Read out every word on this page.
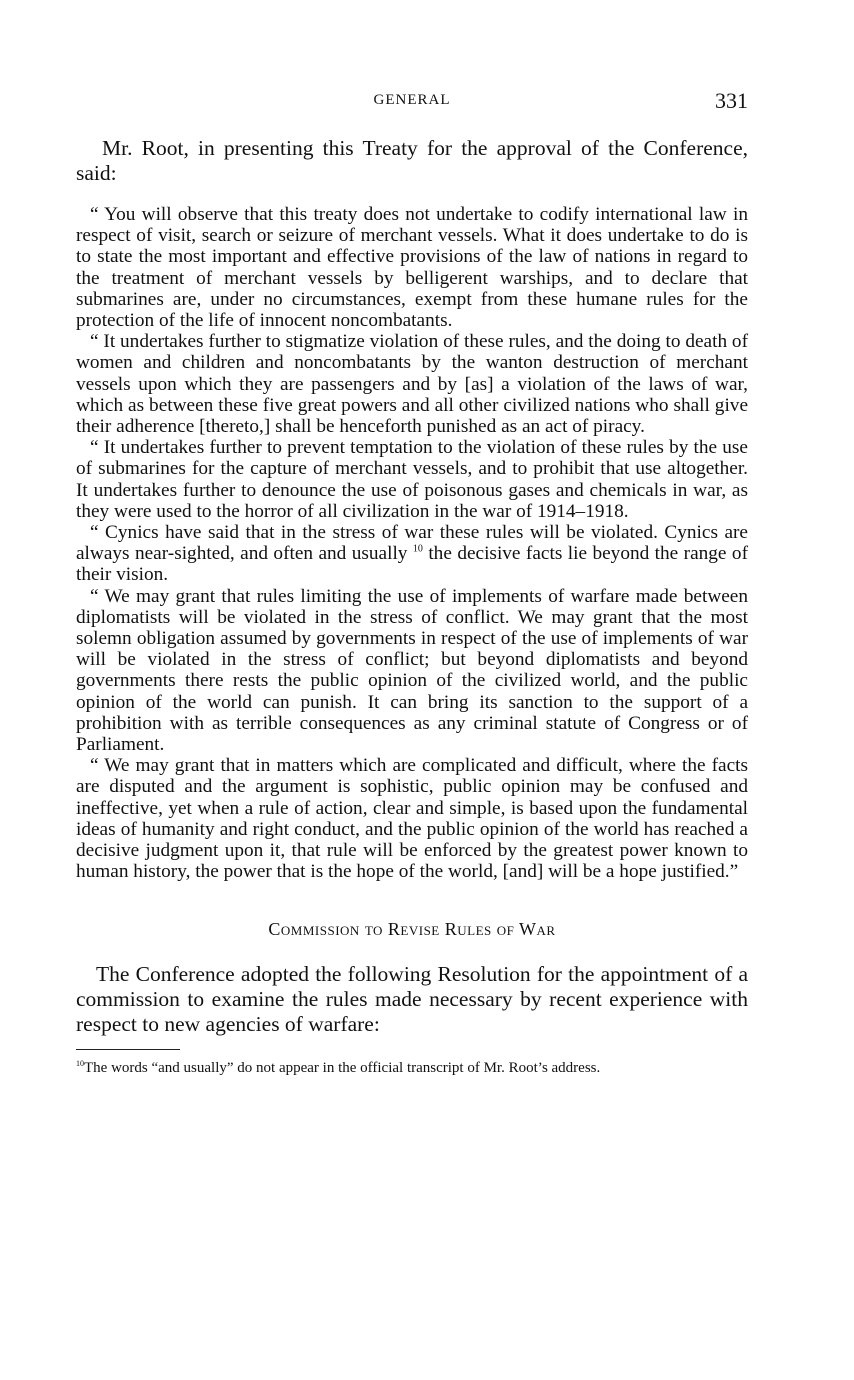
GENERAL	331

Mr. Root, in presenting this Treaty for the approval of the Conference, said:

“ You will observe that this treaty does not undertake to codify international law in respect of visit, search or seizure of merchant vessels. What it does undertake to do is to state the most important and effective provisions of the law of nations in regard to the treatment of merchant vessels by belligerent warships, and to declare that submarines are, under no circumstances, exempt from these humane rules for the protection of the life of innocent noncombatants.

“ It undertakes further to stigmatize violation of these rules, and the doing to death of women and children and noncombatants by the wanton destruction of merchant vessels upon which they are passengers and by [as] a violation of the laws of war, which as between these five great powers and all other civilized nations who shall give their adherence [thereto,] shall be henceforth punished as an act of piracy.

“ It undertakes further to prevent temptation to the violation of these rules by the use of submarines for the capture of merchant vessels, and to prohibit that use altogether. It undertakes further to denounce the use of poisonous gases and chemicals in war, as they were used to the horror of all civilization in the war of 1914–1918.

“ Cynics have said that in the stress of war these rules will be violated. Cynics are always near-sighted, and often and usually $^{10}$ the decisive facts lie beyond the range of their vision.

“ We may grant that rules limiting the use of implements of warfare made between diplomatists will be violated in the stress of conflict. We may grant that the most solemn obligation assumed by governments in respect of the use of implements of war will be violated in the stress of conflict; but beyond diplomatists and beyond governments there rests the public opinion of the civilized world, and the public opinion of the world can punish. It can bring its sanction to the support of a prohibition with as terrible consequences as any criminal statute of Congress or of Parliament.

“ We may grant that in matters which are complicated and difficult, where the facts are disputed and the argument is sophistic, public opinion may be confused and ineffective, yet when a rule of action, clear and simple, is based upon the fundamental ideas of humanity and right conduct, and the public opinion of the world has reached a decisive judgment upon it, that rule will be enforced by the greatest power known to human history, the power that is the hope of the world, [and] will be a hope justified.”

Commission to Revise Rules of War

The Conference adopted the following Resolution for the appointment of a commission to examine the rules made necessary by recent experience with respect to new agencies of warfare:

$^{10}$The words “and usually” do not appear in the official transcript of Mr. Root’s address.
